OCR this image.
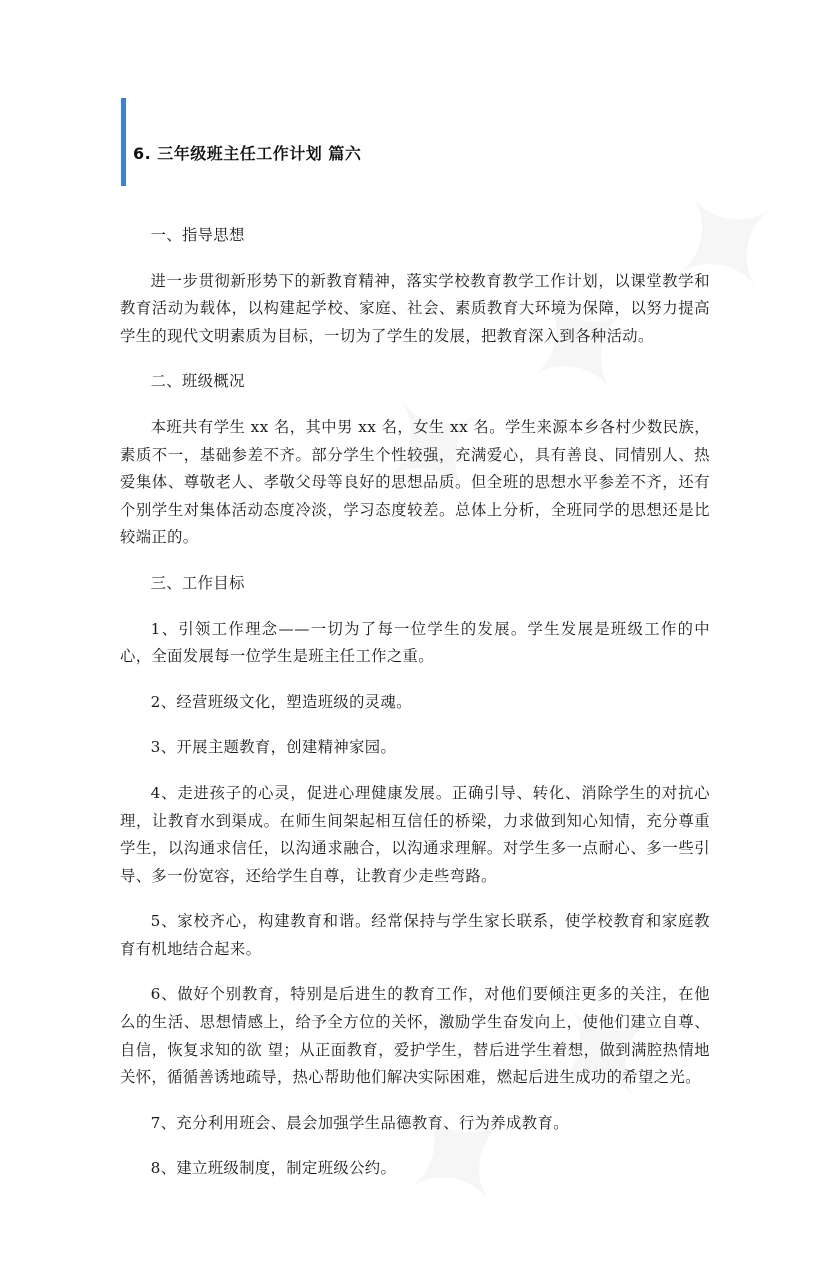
6. 三年级班主任工作计划 篇六

一、指导思想

进一步贯彻新形势下的新教育精神，落实学校教育教学工作计划，以课堂教学和教育活动为载体，以构建起学校、家庭、社会、素质教育大环境为保障，以努力提高学生的现代文明素质为目标，一切为了学生的发展，把教育深入到各种活动。

二、班级概况

本班共有学生 xx 名，其中男 xx 名，女生 xx 名。学生来源本乡各村少数民族，素质不一，基础参差不齐。部分学生个性较强，充满爱心，具有善良、同情别人、热爱集体、尊敬老人、孝敬父母等良好的思想品质。但全班的思想水平参差不齐，还有个别学生对集体活动态度冷淡，学习态度较差。总体上分析，全班同学的思想还是比较端正的。

三、工作目标

1、引领工作理念——一切为了每一位学生的发展。学生发展是班级工作的中心，全面发展每一位学生是班主任工作之重。

2、经营班级文化，塑造班级的灵魂。

3、开展主题教育，创建精神家园。

4、走进孩子的心灵，促进心理健康发展。正确引导、转化、消除学生的对抗心理，让教育水到渠成。在师生间架起相互信任的桥梁，力求做到知心知情，充分尊重学生，以沟通求信任，以沟通求融合，以沟通求理解。对学生多一点耐心、多一些引导、多一份宽容，还给学生自尊，让教育少走些弯路。

5、家校齐心，构建教育和谐。经常保持与学生家长联系，使学校教育和家庭教育有机地结合起来。

6、做好个别教育，特别是后进生的教育工作，对他们要倾注更多的关注，在他么的生活、思想情感上，给予全方位的关怀，激励学生奋发向上，使他们建立自尊、自信，恢复求知的欲 望；从正面教育，爱护学生，替后进学生着想，做到满腔热情地关怀，循循善诱地疏导，热心帮助他们解决实际困难，燃起后进生成功的希望之光。

7、充分利用班会、晨会加强学生品德教育、行为养成教育。

8、建立班级制度，制定班级公约。
